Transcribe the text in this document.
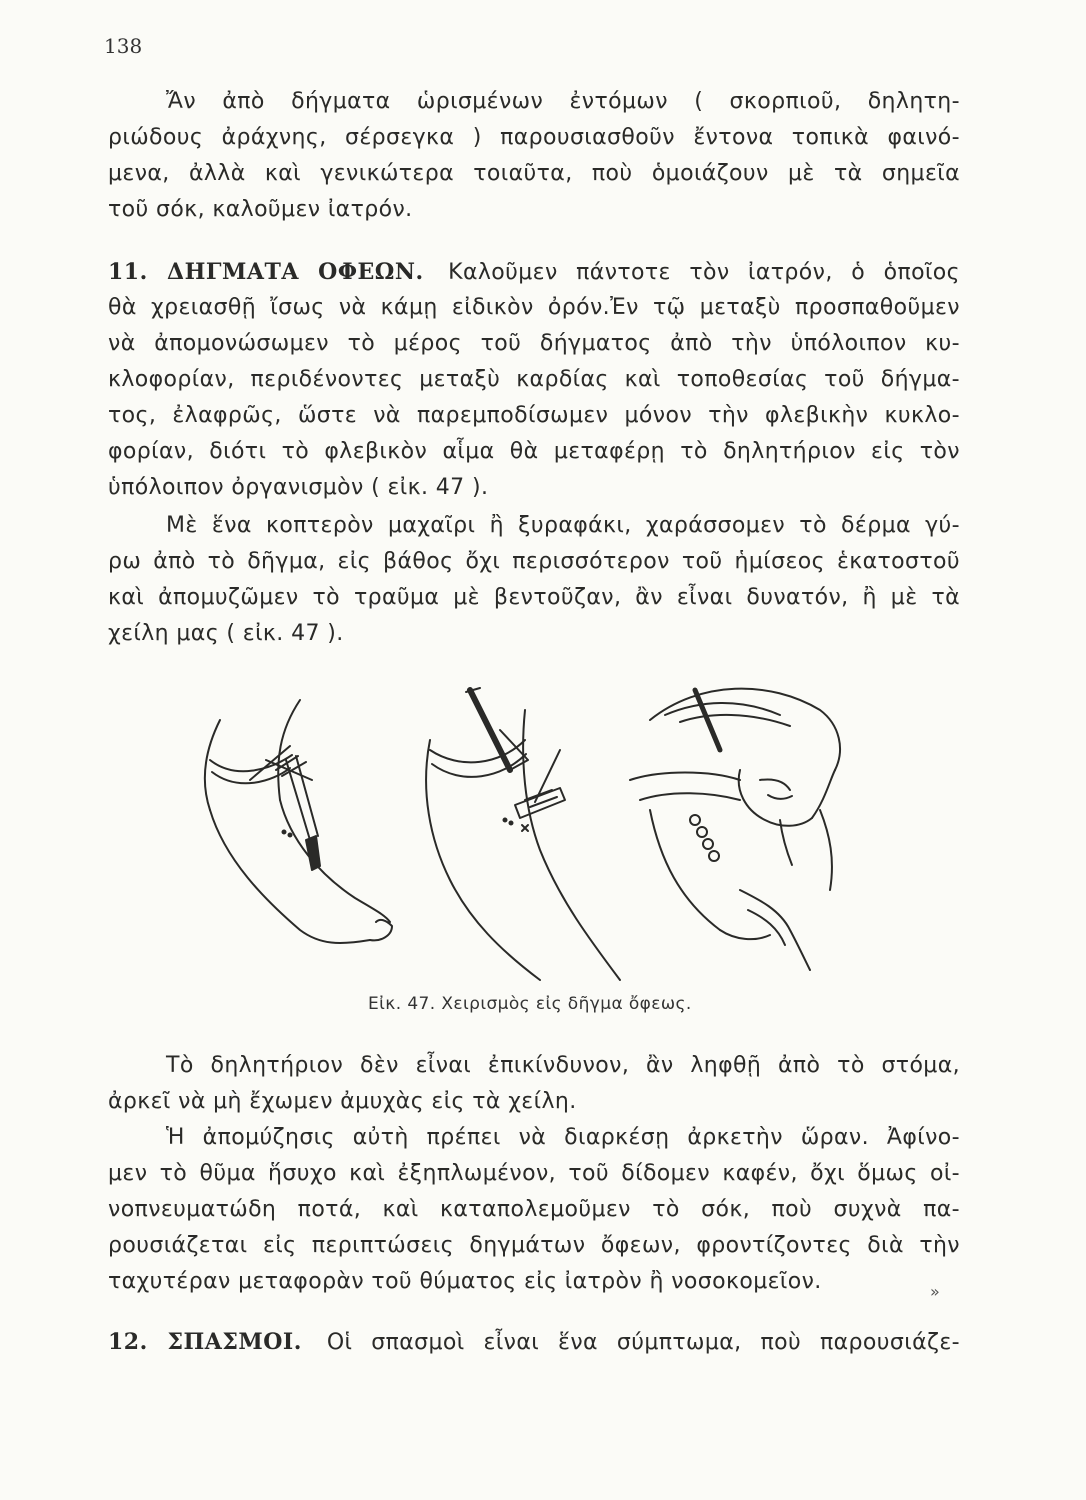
138
Ἄν ἀπὸ δήγματα ὡρισμένων ἐντόμων ( σκορπιοῦ, δηλητη-
ριώδους ἀράχνης, σέρσεγκα ) παρουσιασθοῦν ἔντονα τοπικὰ φαινό-
μενα, ἀλλὰ καὶ γενικώτερα τοιαῦτα, ποὺ ὁμοιάζουν μὲ τὰ σημεῖα
τοῦ σόκ, καλοῦμεν ἰατρόν.
11. ΔΗΓΜΑΤΑ ΟΦΕΩΝ. Καλοῦμεν πάντοτε τὸν ἰατρόν, ὁ ὁποῖος
θὰ χρειασθῇ ἴσως νὰ κάμῃ εἰδικὸν ὀρόν.Ἐν τῷ μεταξὺ προσπαθοῦμεν
νὰ ἀπομονώσωμεν τὸ μέρος τοῦ δήγματος ἀπὸ τὴν ὑπόλοιπον κυ-
κλοφορίαν, περιδένοντες μεταξὺ καρδίας καὶ τοποθεσίας τοῦ δήγμα-
τος, ἐλαφρῶς, ὥστε νὰ παρεμποδίσωμεν μόνον τὴν φλεβικὴν κυκλο-
φορίαν, διότι τὸ φλεβικὸν αἷμα θὰ μεταφέρῃ τὸ δηλητήριον εἰς τὸν
ὑπόλοιπον ὀργανισμὸν ( εἰκ. 47 ).
Μὲ ἕνα κοπτερὸν μαχαῖρι ἢ ξυραφάκι, χαράσσομεν τὸ δέρμα γύ-
ρω ἀπὸ τὸ δῆγμα, εἰς βάθος ὄχι περισσότερον τοῦ ἡμίσεος ἑκατοστοῦ
καὶ ἀπομυζῶμεν τὸ τραῦμα μὲ βεντοῦζαν, ἂν εἶναι δυνατόν, ἢ μὲ τὰ
χείλη μας ( εἰκ. 47 ).
Εἰκ. 47. Χειρισμὸς εἰς δῆγμα ὄφεως.
Τὸ δηλητήριον δὲν εἶναι ἐπικίνδυνον, ἂν ληφθῇ ἀπὸ τὸ στόμα,
ἀρκεῖ νὰ μὴ ἔχωμεν ἀμυχὰς εἰς τὰ χείλη.
Ἡ ἀπομύζησις αὐτὴ πρέπει νὰ διαρκέσῃ ἀρκετὴν ὥραν. Ἀφίνο-
μεν τὸ θῦμα ἥσυχο καὶ ἐξηπλωμένον, τοῦ δίδομεν καφέν, ὄχι ὅμως οἰ-
νοπνευματώδη ποτά, καὶ καταπολεμοῦμεν τὸ σόκ, ποὺ συχνὰ πα-
ρουσιάζεται εἰς περιπτώσεις δηγμάτων ὄφεων, φροντίζοντες διὰ τὴν
ταχυτέραν μεταφορὰν τοῦ θύματος εἰς ἰατρὸν ἢ νοσοκομεῖον.	»
12. ΣΠΑΣΜΟΙ. Οἱ σπασμοὶ εἶναι ἕνα σύμπτωμα, ποὺ παρουσιάζε-
